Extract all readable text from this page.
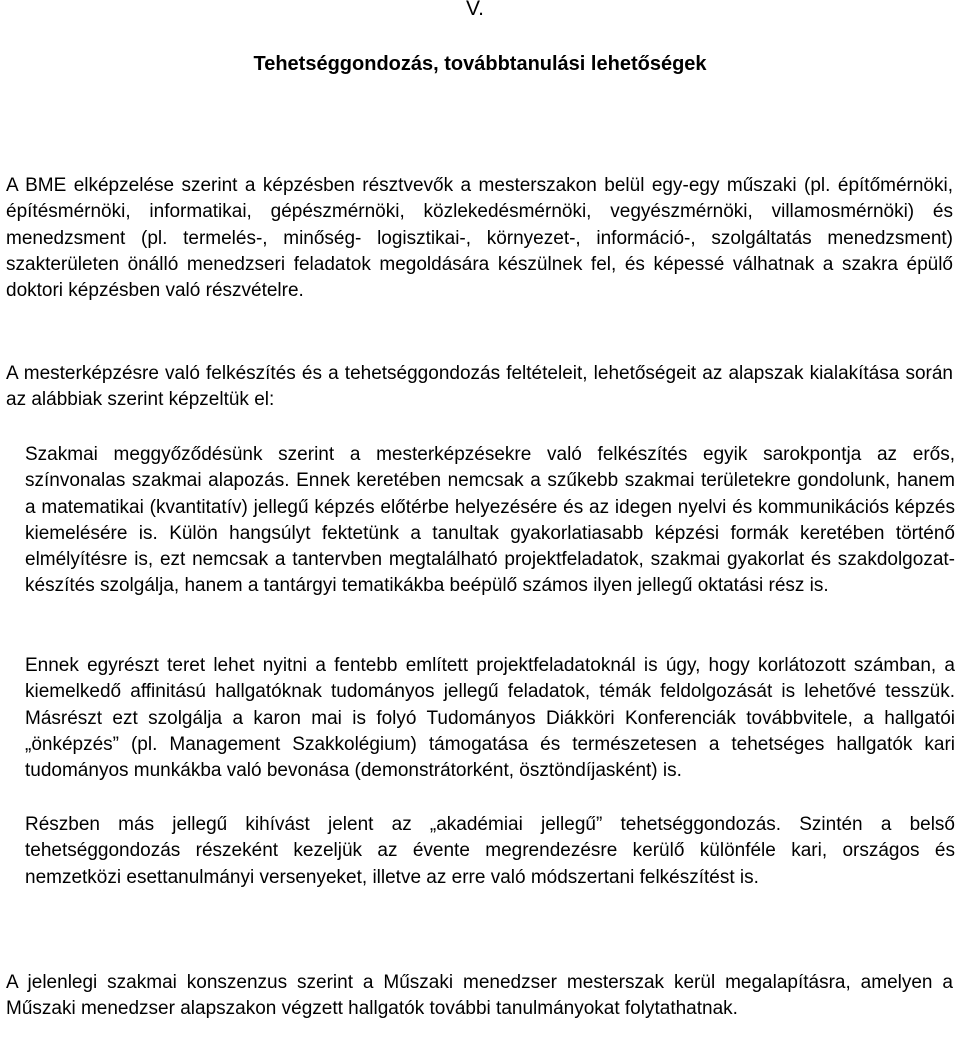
V.
Tehetséggondozás, továbbtanulási lehetőségek

A BME elképzelése szerint a képzésben résztvevők a mesterszakon belül egy-egy műszaki (pl. építőmérnöki, építésmérnöki, informatikai, gépészmérnöki, közlekedésmérnöki, vegyészmérnöki, villamosmérnöki) és menedzsment (pl. termelés-, minőség- logisztikai-, környezet-, információ-, szolgáltatás menedzsment) szakterületen önálló menedzseri feladatok megoldására készülnek fel, és képessé válhatnak a szakra épülő doktori képzésben való részvételre.

A mesterképzésre való felkészítés és a tehetséggondozás feltételeit, lehetőségeit az alapszak kialakítása során az alábbiak szerint képzeltük el:

Szakmai meggyőződésünk szerint a mesterképzésekre való felkészítés egyik sarokpontja az erős, színvonalas szakmai alapozás. Ennek keretében nemcsak a szűkebb szakmai területekre gondolunk, hanem a matematikai (kvantitatív) jellegű képzés előtérbe helyezésére és az idegen nyelvi és kommunikációs képzés kiemelésére is. Külön hangsúlyt fektetünk a tanultak gyakorlatiasabb képzési formák keretében történő elmélyítésre is, ezt nemcsak a tantervben megtalálható projektfeladatok, szakmai gyakorlat és szakdolgozat-készítés szolgálja, hanem a tantárgyi tematikákba beépülő számos ilyen jellegű oktatási rész is.

Ennek egyrészt teret lehet nyitni a fentebb említett projektfeladatoknál is úgy, hogy korlátozott számban, a kiemelkedő affinitású hallgatóknak tudományos jellegű feladatok, témák feldolgozását is lehetővé tesszük. Másrészt ezt szolgálja a karon mai is folyó Tudományos Diákköri Konferenciák továbbvitele, a hallgatói „önképzés” (pl. Management Szakkolégium) támogatása és természetesen a tehetséges hallgatók kari tudományos munkákba való bevonása (demonstrátorként, ösztöndíjasként) is.

Részben más jellegű kihívást jelent az „akadémiai jellegű” tehetséggondozás. Szintén a belső tehetséggondozás részeként kezeljük az évente megrendezésre kerülő különféle kari, országos és nemzetközi esettanulmányi versenyeket, illetve az erre való módszertani felkészítést is.

A jelenlegi szakmai konszenzus szerint a Műszaki menedzser mesterszak kerül megalapításra, amelyen a Műszaki menedzser alapszakon végzett hallgatók további tanulmányokat folytathatnak.
